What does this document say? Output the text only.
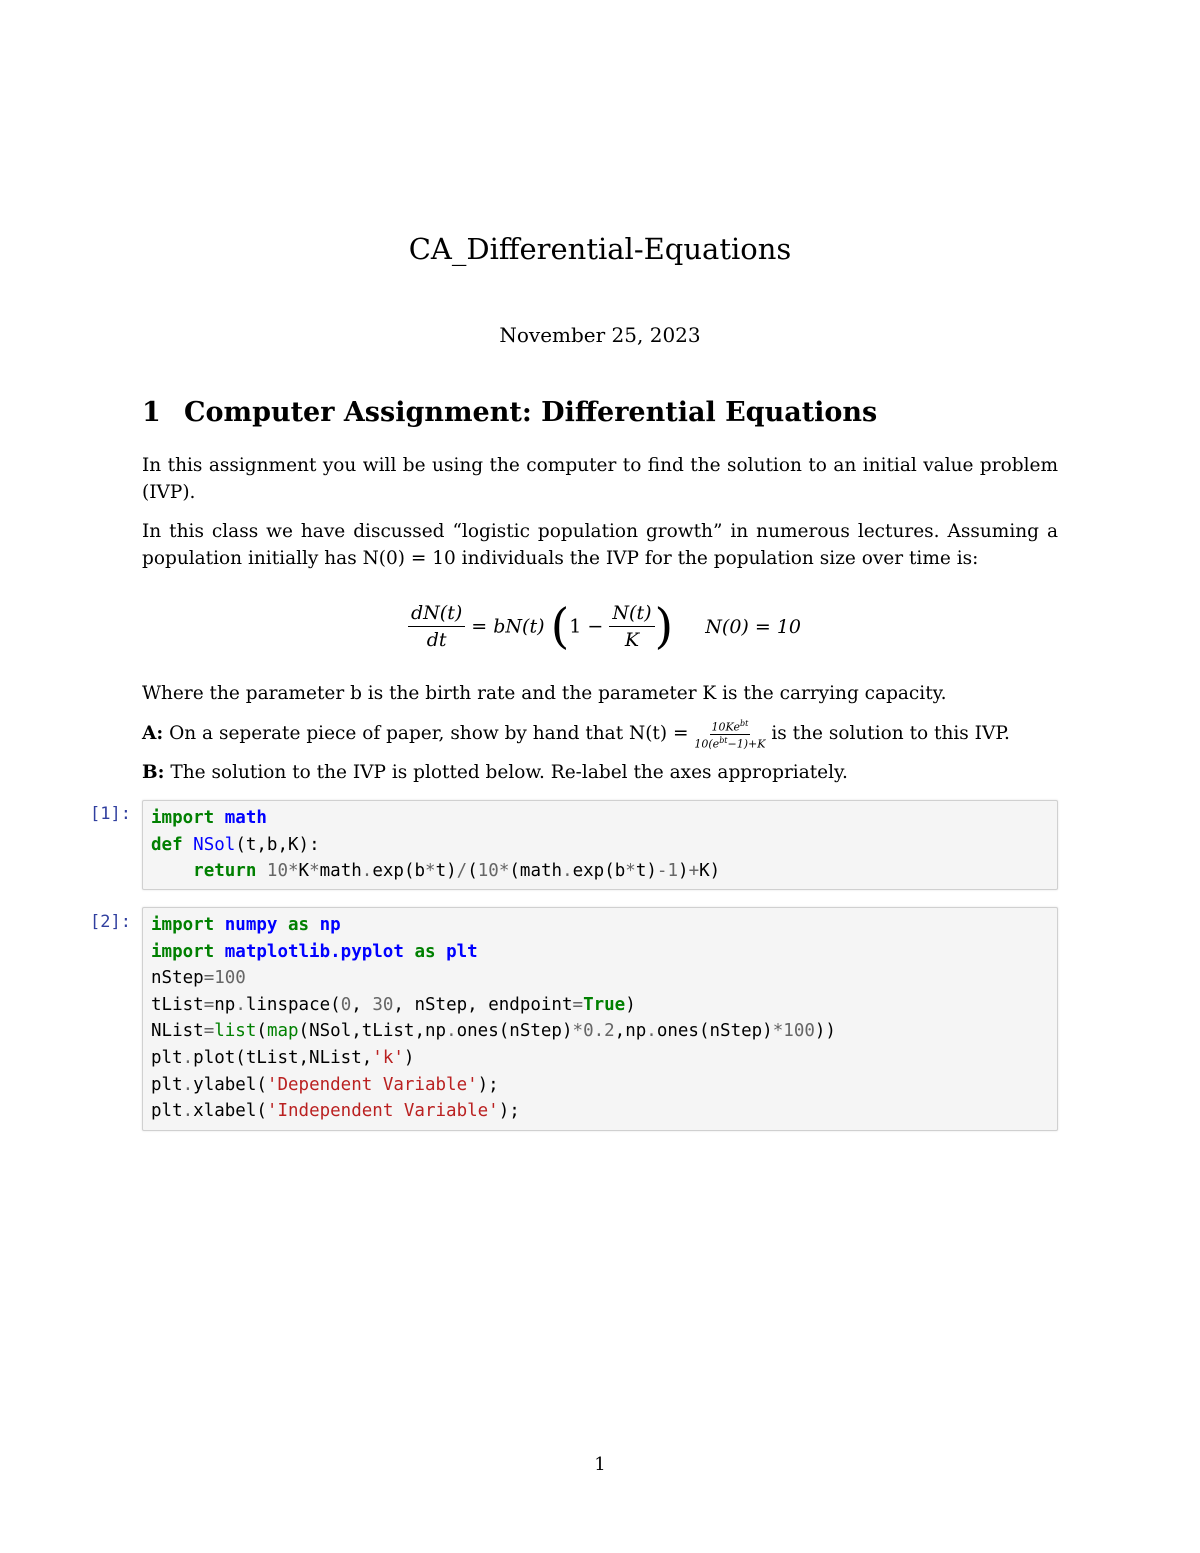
CA_Differential-Equations
November 25, 2023
1 Computer Assignment: Differential Equations
In this assignment you will be using the computer to find the solution to an initial value problem (IVP).
In this class we have discussed “logistic population growth” in numerous lectures. Assuming a population initially has N(0) = 10 individuals the IVP for the population size over time is:
$\frac{dN(t)}{dt} = bN(t) (1 - \frac{N(t)}{K}$ ) N(0) = 10
Where the parameter b is the birth rate and the parameter K is the carrying capacity.
A: On a seperate piece of paper, show by hand that $N(t) = \frac{10Ke^{bt}}{10(e^{bt}-1)+K}$ is the solution to this IVP.
B: The solution to the IVP is plotted below. Re-label the axes appropriately.
[1]:	import math
def NSol(t,b,K):
return 10*K*math.exp(b*t)/(10*(math.exp(b*t)-1)+K)
[2]:	import numpy as np
import matplotlib.pyplot as plt
nStep=100
tList=np.linspace(0, 30, nStep, endpoint=True)
NList=list(map(NSol,tList,np.ones(nStep)*0.2,np.ones(nStep)*100))
plt.plot(tList,NList,'k')
plt.ylabel('Dependent Variable');
plt.xlabel('Independent Variable');
1
